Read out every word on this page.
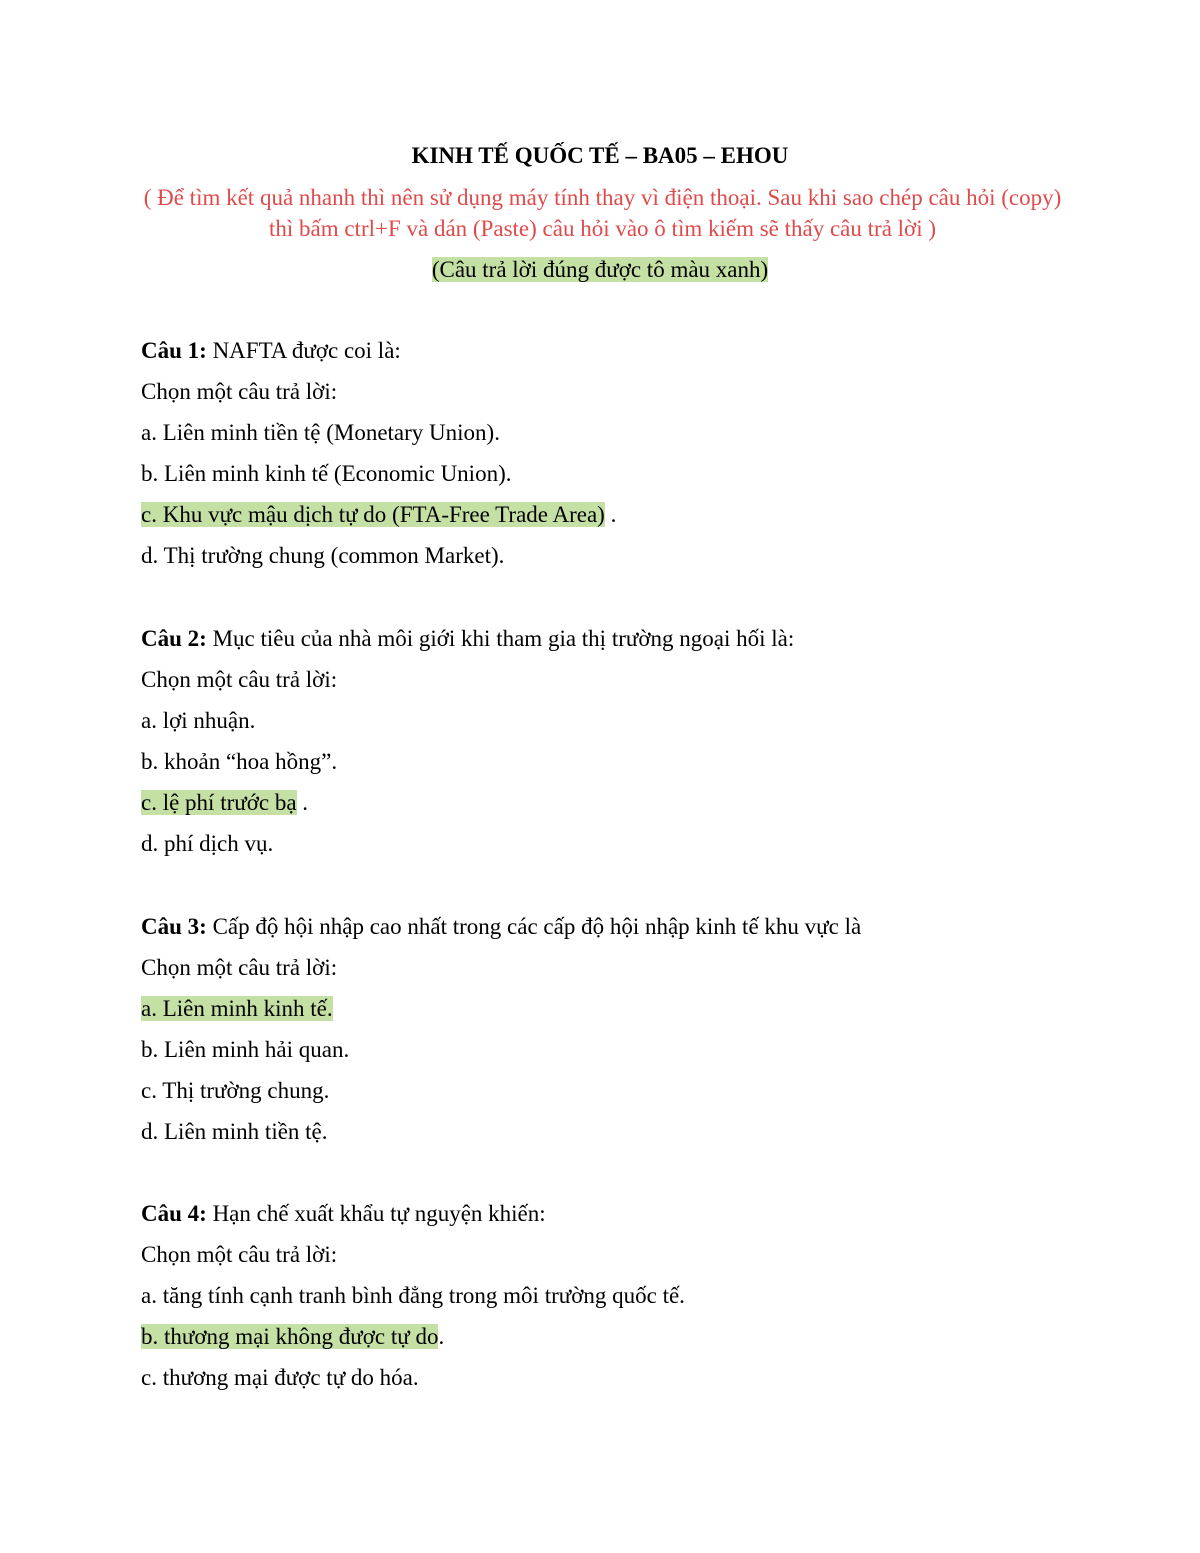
KINH TẾ QUỐC TẾ – BA05 – EHOU
( Để tìm kết quả nhanh thì nên sử dụng máy tính thay vì điện thoại. Sau khi sao chép câu hỏi (copy) thì bấm ctrl+F và dán (Paste) câu hỏi vào ô tìm kiếm sẽ thấy câu trả lời )
(Câu trả lời đúng được tô màu xanh)
Câu 1: NAFTA được coi là:
Chọn một câu trả lời:
a. Liên minh tiền tệ (Monetary Union).
b. Liên minh kinh tế (Economic Union).
c. Khu vực mậu dịch tự do (FTA-Free Trade Area) .
d. Thị trường chung (common Market).
Câu 2: Mục tiêu của nhà môi giới khi tham gia thị trường ngoại hối là:
Chọn một câu trả lời:
a. lợi nhuận.
b. khoản “hoa hồng”.
c. lệ phí trước bạ .
d. phí dịch vụ.
Câu 3: Cấp độ hội nhập cao nhất trong các cấp độ hội nhập kinh tế khu vực là
Chọn một câu trả lời:
a. Liên minh kinh tế.
b. Liên minh hải quan.
c. Thị trường chung.
d. Liên minh tiền tệ.
Câu 4: Hạn chế xuất khẩu tự nguyện khiến:
Chọn một câu trả lời:
a. tăng tính cạnh tranh bình đẳng trong môi trường quốc tế.
b. thương mại không được tự do.
c. thương mại được tự do hóa.
